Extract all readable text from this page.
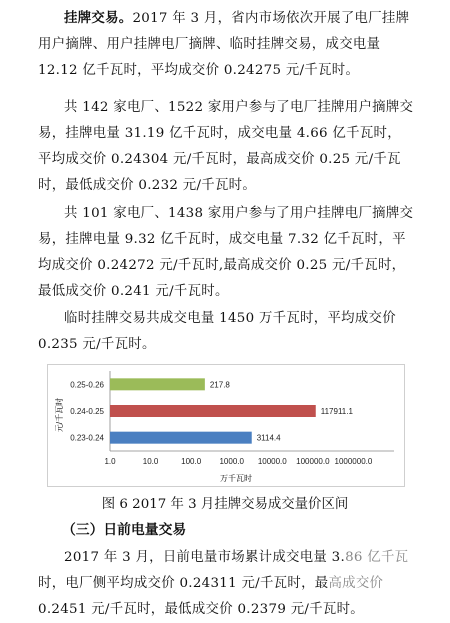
挂牌交易。2017 年 3 月，省内市场依次开展了电厂挂牌
用户摘牌、用户挂牌电厂摘牌、临时挂牌交易，成交电量
12.12 亿千瓦时，平均成交价 0.24275 元/千瓦时。
共 142 家电厂、1522 家用户参与了电厂挂牌用户摘牌交
易，挂牌电量 31.19 亿千瓦时，成交电量 4.66 亿千瓦时，
平均成交价 0.24304 元/千瓦时，最高成交价 0.25 元/千瓦
时，最低成交价 0.232 元/千瓦时。
共 101 家电厂、1438 家用户参与了用户挂牌电厂摘牌交
易，挂牌电量 9.32 亿千瓦时，成交电量 7.32 亿千瓦时，平
均成交价 0.24272 元/千瓦时,最高成交价 0.25 元/千瓦时，
最低成交价 0.241 元/千瓦时。
临时挂牌交易共成交电量 1450 万千瓦时，平均成交价
0.235 元/千瓦时。
1.0	10.0	100.0 1000.0 10000.0 100000.0 1000000.0
0.23-0.24	3114.4
0.24-0.25	117911.1
0.25-0.26	217.8
元/千瓦时
万千瓦时
图 6 2017 年 3 月挂牌交易成交量价区间
（三）日前电量交易
2017 年 3 月，日前电量市场累计成交电量 3.86 亿千瓦
时，电厂侧平均成交价 0.24311 元/千瓦时，最高成交价
0.2451 元/千瓦时，最低成交价 0.2379 元/千瓦时。
